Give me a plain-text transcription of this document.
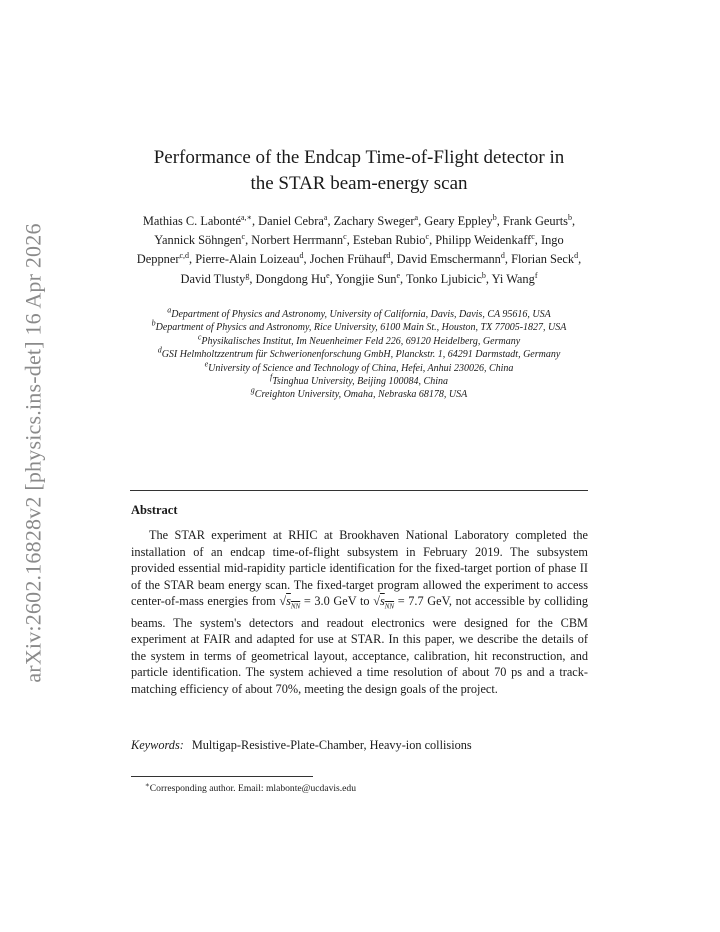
arXiv:2602.16828v2 [physics.ins-det] 16 Apr 2026
Performance of the Endcap Time-of-Flight detector in
the STAR beam-energy scan
Mathias C. Labonté$^{a,∗}$, Daniel Cebra$^a$, Zachary Sweger$^a$, Geary Eppley$^b$, Frank Geurts$^b$, Yannick Söhngen$^c$, Norbert Herrmann$^c$, Esteban Rubio$^c$, Philipp Weidenkaff$^c$, Ingo Deppner$^{c,d}$, Pierre-Alain Loizeau$^d$, Jochen Frühauf$^d$, David Emschermann$^d$, Florian Seck$^d$, David Tlusty$^g$, Dongdong Hu$^e$, Yongjie Sun$^e$, Tonko Ljubicic$^b$, Yi Wang$^f$
$^a$Department of Physics and Astronomy, University of California, Davis, Davis, CA 95616, USA
$^b$Department of Physics and Astronomy, Rice University, 6100 Main St., Houston, TX 77005-1827, USA
$^c$Physikalisches Institut, Im Neuenheimer Feld 226, 69120 Heidelberg, Germany
$^d$GSI Helmholtzzentrum für Schwerionenforschung GmbH, Planckstr. 1, 64291 Darmstadt, Germany
$^e$University of Science and Technology of China, Hefei, Anhui 230026, China
$^f$Tsinghua University, Beijing 100084, China
$^g$Creighton University, Omaha, Nebraska 68178, USA
Abstract
The STAR experiment at RHIC at Brookhaven National Laboratory completed the installation of an endcap time-of-flight subsystem in February 2019. The subsystem provided essential mid-rapidity particle identification for the fixed-target portion of phase II of the STAR beam energy scan. The fixed-target program allowed the experiment to access center-of-mass energies from $√s_{NN} = 3.0$ GeV to $√s_{NN} = 7.7$ GeV, not accessible by colliding beams. The system's detectors and readout electronics were designed for the CBM experiment at FAIR and adapted for use at STAR. In this paper, we describe the details of the system in terms of geometrical layout, acceptance, calibration, hit reconstruction, and particle identification. The system achieved a time resolution of about 70 ps and a track-matching efficiency of about 70%, meeting the design goals of the project.
Keywords: Multigap-Resistive-Plate-Chamber, Heavy-ion collisions
∗Corresponding author. Email: mlabonte@ucdavis.edu
